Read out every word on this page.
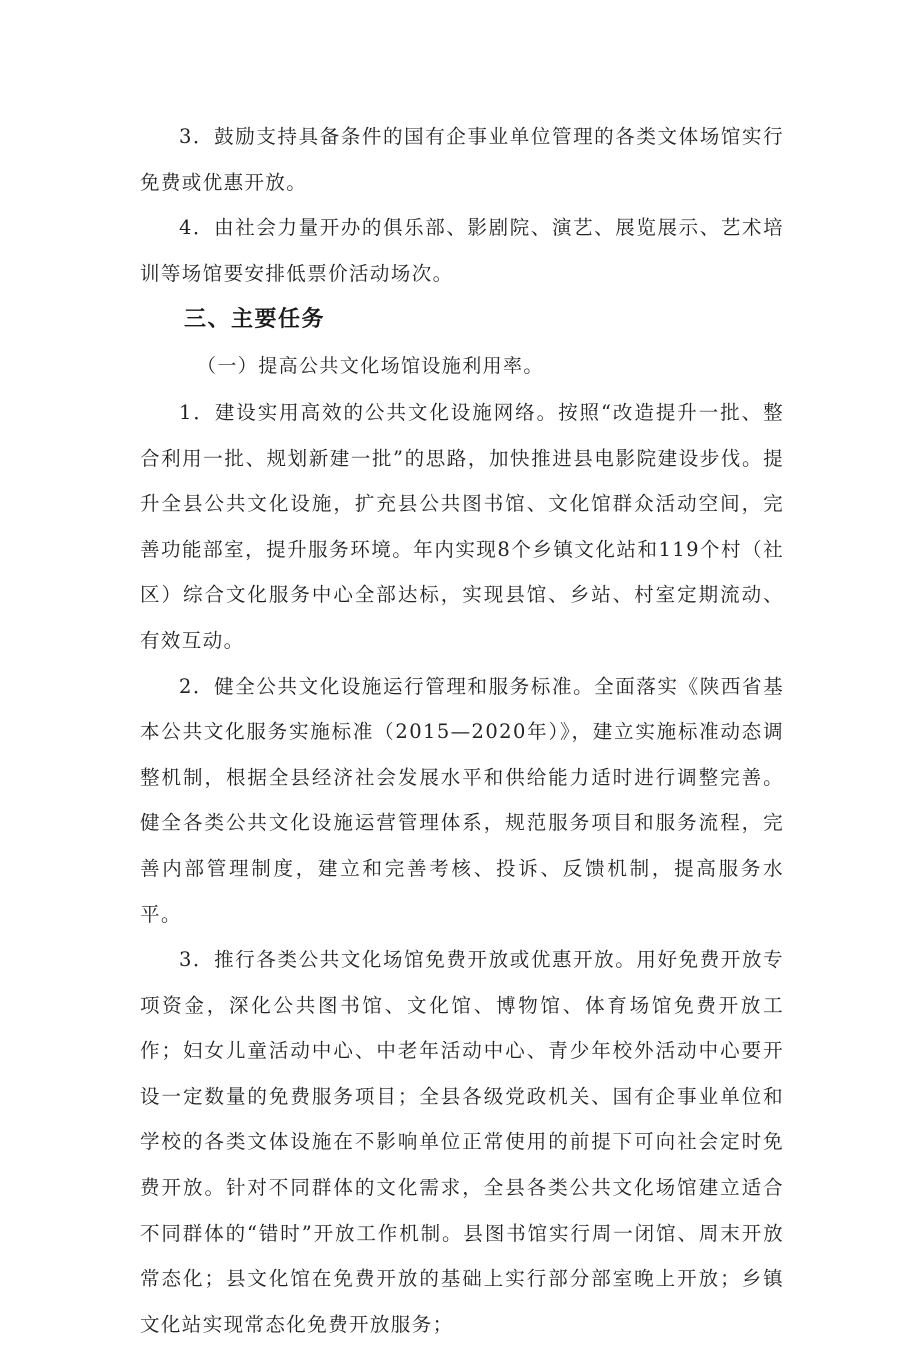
3．鼓励支持具备条件的国有企事业单位管理的各类文体场馆实行免费或优惠开放。

4．由社会力量开办的俱乐部、影剧院、演艺、展览展示、艺术培训等场馆要安排低票价活动场次。

三、主要任务

（一）提高公共文化场馆设施利用率。

1．建设实用高效的公共文化设施网络。按照“改造提升一批、整合利用一批、规划新建一批”的思路，加快推进县电影院建设步伐。提升全县公共文化设施，扩充县公共图书馆、文化馆群众活动空间，完善功能部室，提升服务环境。年内实现8个乡镇文化站和119个村（社区）综合文化服务中心全部达标，实现县馆、乡站、村室定期流动、有效互动。

2．健全公共文化设施运行管理和服务标准。全面落实《陕西省基本公共文化服务实施标准（2015—2020年）》，建立实施标准动态调整机制，根据全县经济社会发展水平和供给能力适时进行调整完善。健全各类公共文化设施运营管理体系，规范服务项目和服务流程，完善内部管理制度，建立和完善考核、投诉、反馈机制，提高服务水平。

3．推行各类公共文化场馆免费开放或优惠开放。用好免费开放专项资金，深化公共图书馆、文化馆、博物馆、体育场馆免费开放工作；妇女儿童活动中心、中老年活动中心、青少年校外活动中心要开设一定数量的免费服务项目；全县各级党政机关、国有企事业单位和学校的各类文体设施在不影响单位正常使用的前提下可向社会定时免费开放。针对不同群体的文化需求，全县各类公共文化场馆建立适合不同群体的“错时”开放工作机制。县图书馆实行周一闭馆、周末开放常态化；县文化馆在免费开放的基础上实行部分部室晚上开放；乡镇文化站实现常态化免费开放服务；
